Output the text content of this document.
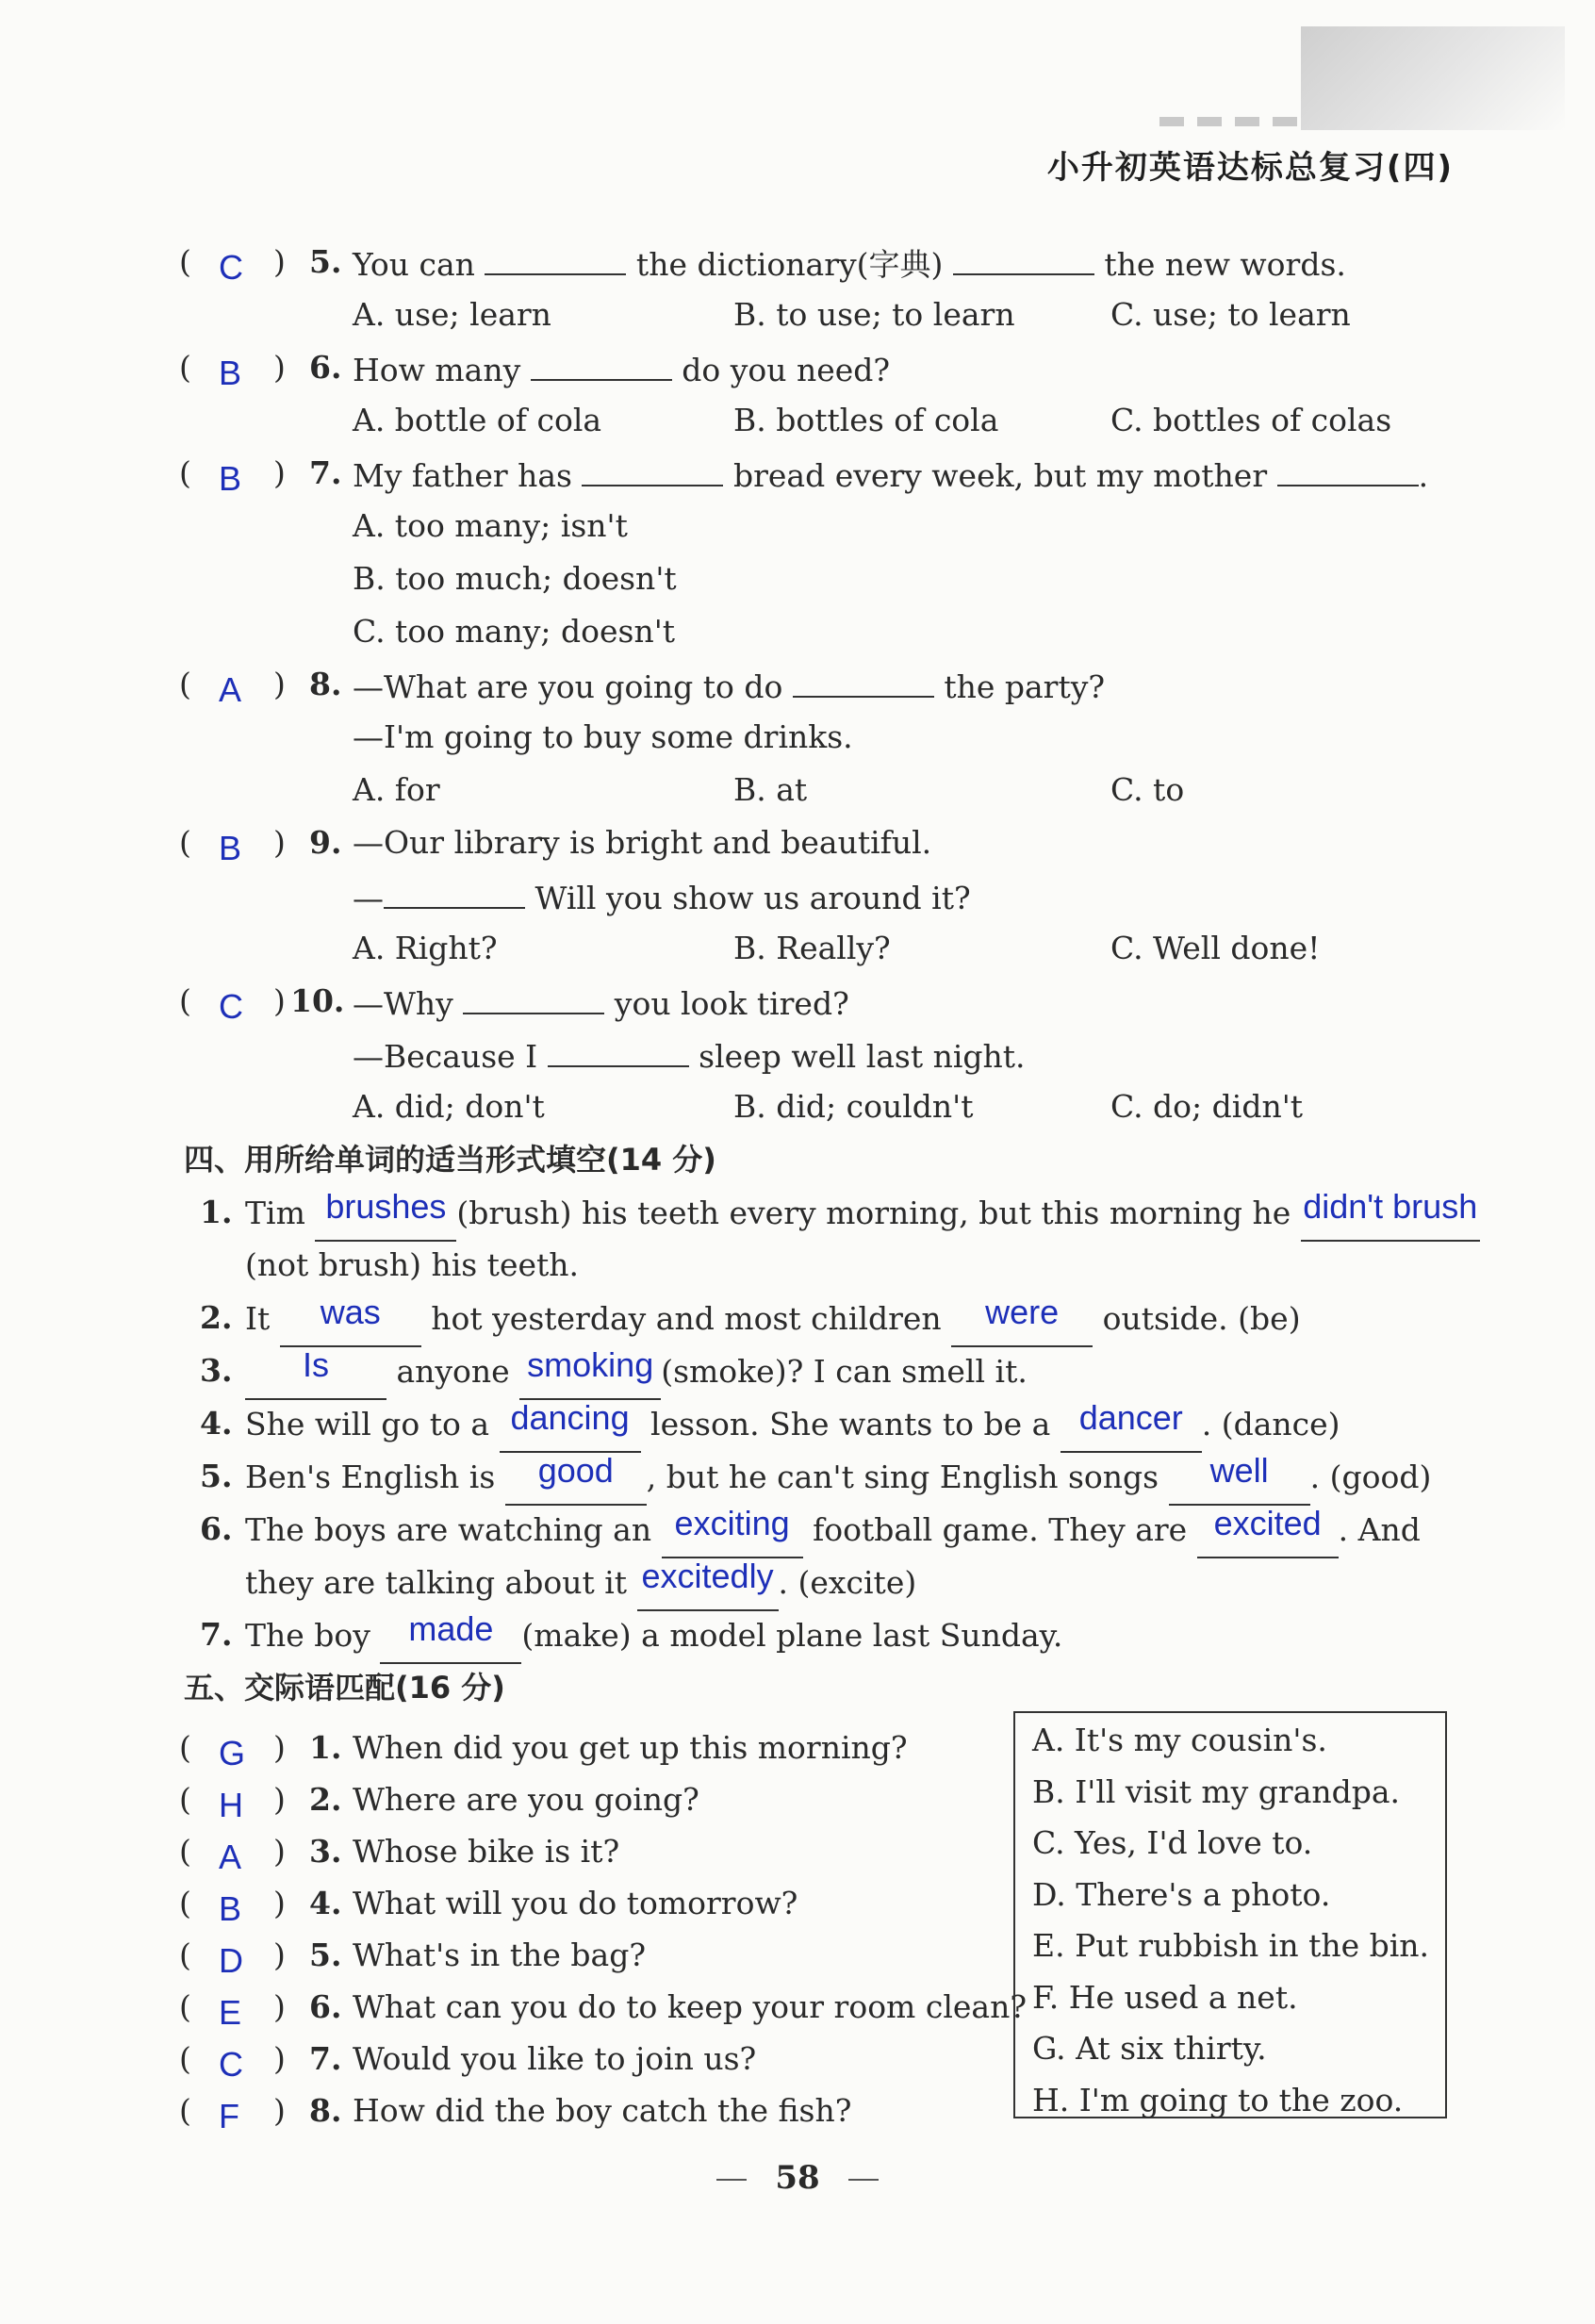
小升初英语达标总复习(四)
( C ) 5. You can	the dictionary(字典)	the new words.
A. use; learn	B. to use; to learn	C. use; to learn
( B ) 6. How many	do you need?
A. bottle of cola	B. bottles of cola	C. bottles of colas
( B ) 7. My father has	bread every week, but my mother	.
A. too many; isn't
B. too much; doesn't
C. too many; doesn't
( A ) 8. —What are you going to do	the party?
—I'm going to buy some drinks.
A. for	B. at	C. to
( B ) 9. —Our library is bright and beautiful.
—	Will you show us around it?
A. Right?	B. Really?	C. Well done!
( C ) 10. —Why	you look tired?
—Because I	sleep well last night.
A. did; don't	B. did; couldn't	C. do; didn't
四、用所给单词的适当形式填空(14 分)
1. Tim brushes (brush) his teeth every morning, but this morning he didn't brush
(not brush) his teeth.
2. It was hot yesterday and most children were outside. (be)
3.	Is anyone smoking (smoke)? I can smell it.
4. She will go to a dancing lesson. She wants to be a dancer . (dance)
5. Ben's English is good , but he can't sing English songs well . (good)
6. The boys are watching an exciting football game. They are excited . And
they are talking about it excitedly . (excite)
7. The boy made (make) a model plane last Sunday.
五、交际语匹配(16 分)
( G ) 1. When did you get up this morning?
( H ) 2. Where are you going?
( A ) 3. Whose bike is it?
( B ) 4. What will you do tomorrow?
( D ) 5. What's in the bag?
( E ) 6. What can you do to keep your room clean?
( C ) 7. Would you like to join us?
( F ) 8. How did the boy catch the fish?
A. It's my cousin's.
B. I'll visit my grandpa.
C. Yes, I'd love to.
D. There's a photo.
E. Put rubbish in the bin.
F. He used a net.
G. At six thirty.
H. I'm going to the zoo.
58
